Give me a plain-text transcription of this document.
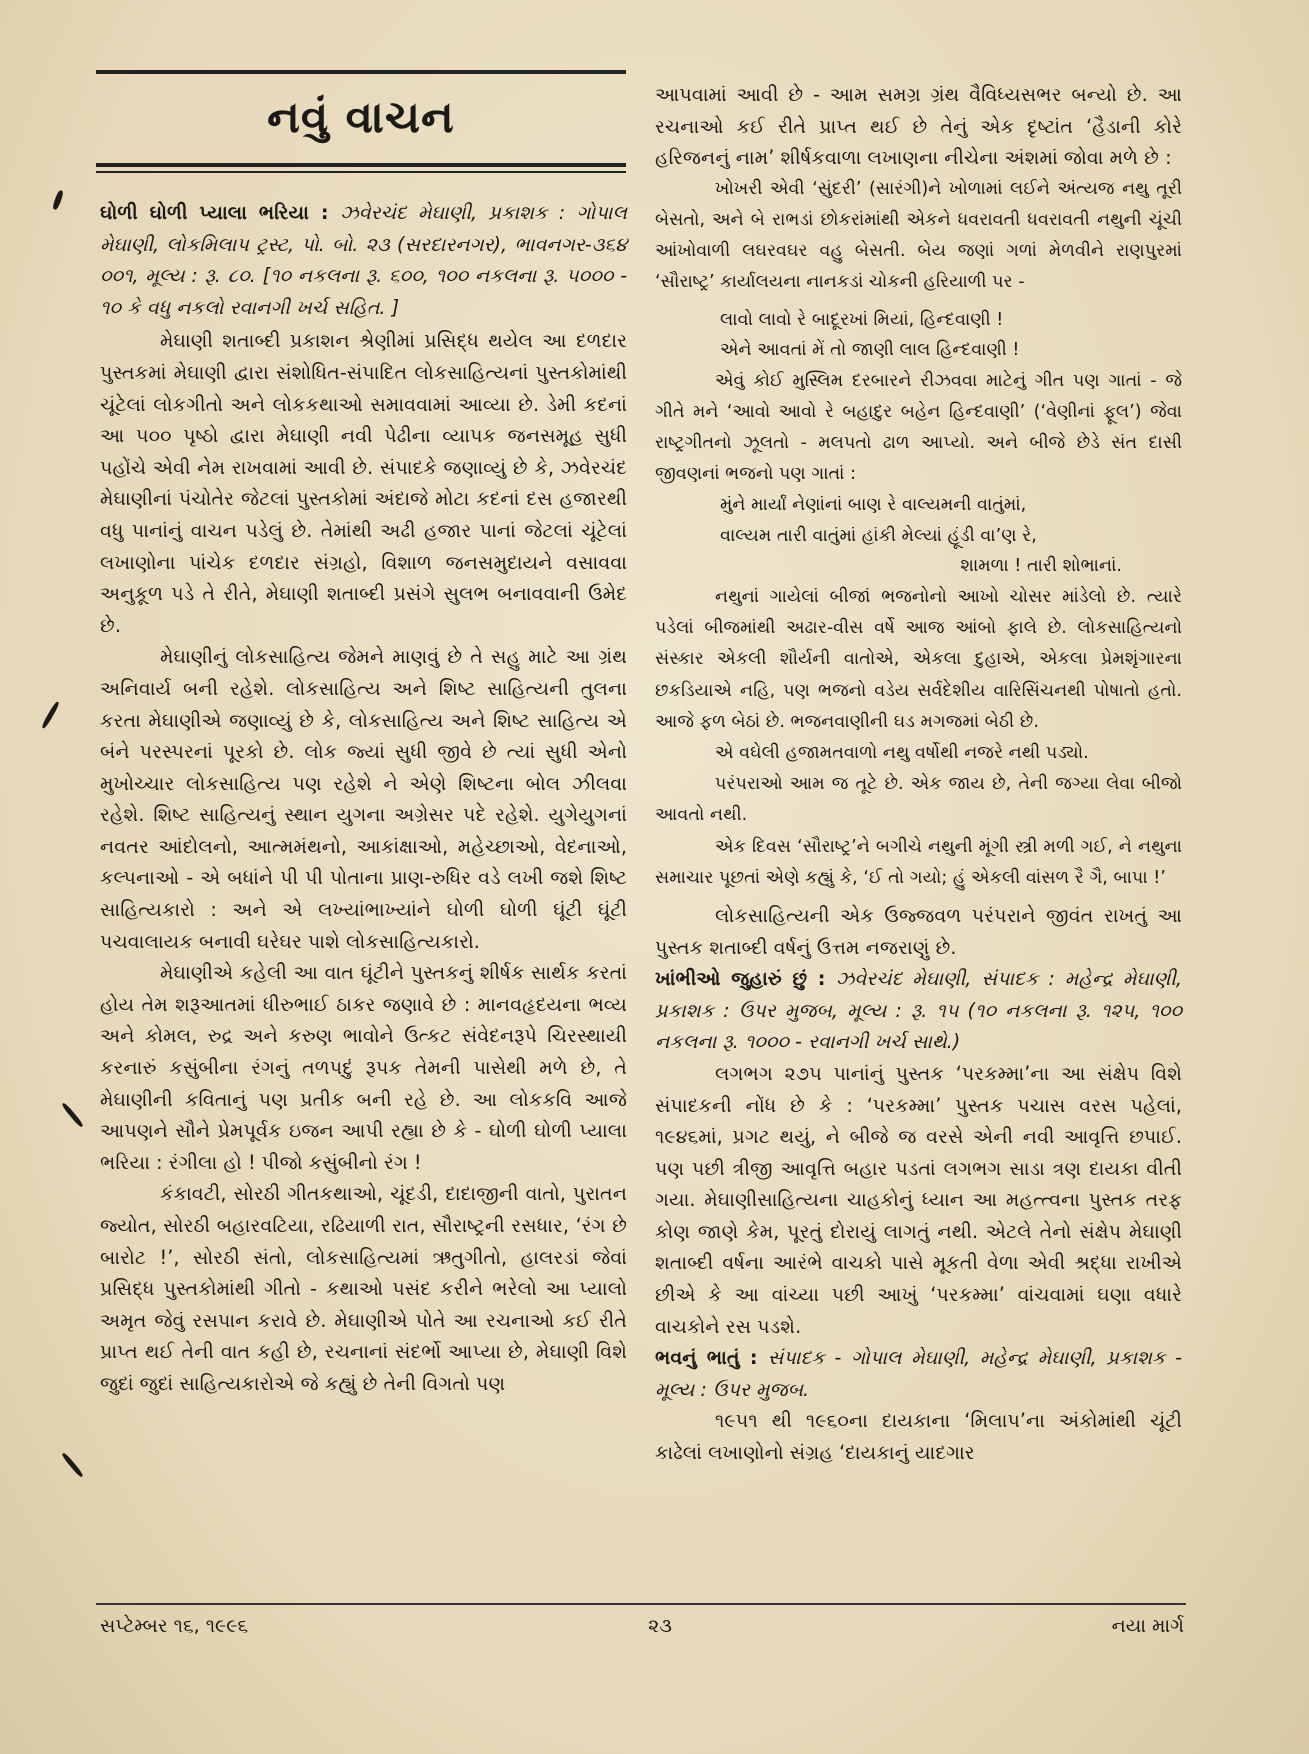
નવું વાચન

ઘોળી ઘોળી પ્યાલા ભરિયા : ઝવેરચંદ મેઘાણી, પ્રકાશક : ગોપાલ મેઘાણી, લોકમિલાપ ટ્રસ્ટ, પો. બો. ૨૩ (સરદારનગર), ભાવનગર-૩૬૪ ૦૦૧, મૂલ્ય : રૂ. ૮૦. [૧૦ નકલના રૂ. ૬૦૦, ૧૦૦ નકલના રૂ. ૫૦૦૦ - ૧૦ કે વધુ નકલો રવાનગી ખર્ચ સહિત. ]

મેઘાણી શતાબ્દી પ્રકાશન શ્રેણીમાં પ્રસિદ્ધ થયેલ આ દળદાર પુસ્તકમાં મેઘાણી દ્વારા સંશોધિત-સંપાદિત લોકસાહિત્યનાં પુસ્તકોમાંથી ચૂંટેલાં લોકગીતો અને લોકકથાઓ સમાવવામાં આવ્યા છે. ડેમી કદનાં આ ૫૦૦ પૃષ્ઠો દ્વારા મેઘાણી નવી પેઢીના વ્યાપક જનસમૂહ સુધી પહોંચે એવી નેમ રાખવામાં આવી છે. સંપાદકે જણાવ્યું છે કે, ઝવેરચંદ મેઘાણીનાં પંચોતેર જેટલાં પુસ્તકોમાં અંદાજે મોટા કદનાં દસ હજારથી વધુ પાનાંનું વાચન પડેલું છે. તેમાંથી અઢી હજાર પાનાં જેટલાં ચૂંટેલાં લખાણોના પાંચેક દળદાર સંગ્રહો, વિશાળ જનસમુદાયને વસાવવા અનુકૂળ પડે તે રીતે, મેઘાણી શતાબ્દી પ્રસંગે સુલભ બનાવવાની ઉમેદ છે.

મેઘાણીનું લોકસાહિત્ય જેમને માણવું છે તે સહુ માટે આ ગ્રંથ અનિવાર્ય બની રહેશે. લોકસાહિત્ય અને શિષ્ટ સાહિત્યની તુલના કરતા મેઘાણીએ જણાવ્યું છે કે, લોકસાહિત્ય અને શિષ્ટ સાહિત્ય એ બંને પરસ્પરનાં પૂરકો છે. લોક જ્યાં સુધી જીવે છે ત્યાં સુધી એનો મુખોચ્ચાર લોકસાહિત્ય પણ રહેશે ને એણે શિષ્ટના બોલ ઝીલવા રહેશે. શિષ્ટ સાહિત્યનું સ્થાન યુગના અગ્રેસર પદે રહેશે. યુગેયુગનાં નવતર આંદોલનો, આત્મમંથનો, આકાંક્ષાઓ, મહેચ્છાઓ, વેદનાઓ, કલ્પનાઓ - એ બધાંને પી પી પોતાના પ્રાણ-રુધિર વડે લખી જશે શિષ્ટ સાહિત્યકારો : અને એ લખ્યાંભાખ્યાંને ઘોળી ઘોળી ઘૂંટી ઘૂંટી પચવાલાયક બનાવી ઘરેઘર પાશે લોકસાહિત્યકારો.

મેઘાણીએ કહેલી આ વાત ઘૂંટીને પુસ્તકનું શીર્ષક સાર્થક કરતાં હોય તેમ શરૂઆતમાં ધીરુભાઈ ઠાકર જણાવે છે : માનવહૃદયના ભવ્ય અને કોમલ, રુદ્ર અને કરુણ ભાવોને ઉત્કટ સંવેદનરૂપે ચિરસ્થાયી કરનારું કસુંબીના રંગનું તળપદું રૂપક તેમની પાસેથી મળે છે, તે મેઘાણીની કવિતાનું પણ પ્રતીક બની રહે છે. આ લોકકવિ આજે આપણને સૌને પ્રેમપૂર્વક ઇજન આપી રહ્યા છે કે - ઘોળી ઘોળી પ્યાલા ભરિયા : રંગીલા હો ! પીજો કસુંબીનો રંગ !

કંકાવટી, સોરઠી ગીતકથાઓ, ચૂંદડી, દાદાજીની વાતો, પુરાતન જ્યોત, સોરઠી બહારવટિયા, રઢિયાળી રાત, સૌરાષ્ટ્રની રસધાર, ‘રંગ છે બારોટ !’, સોરઠી સંતો, લોકસાહિત્યમાં ઋતુગીતો, હાલરડાં જેવાં પ્રસિદ્ધ પુસ્તકોમાંથી ગીતો - કથાઓ પસંદ કરીને ભરેલો આ પ્યાલો અમૃત જેવું રસપાન કરાવે છે. મેઘાણીએ પોતે આ રચનાઓ કઈ રીતે પ્રાપ્ત થઈ તેની વાત કહી છે, રચનાનાં સંદર્ભો આપ્યા છે, મેઘાણી વિશે જુદાં જુદાં સાહિત્યકારોએ જે કહ્યું છે તેની વિગતો પણ

આપવામાં આવી છે - આમ સમગ્ર ગ્રંથ વૈવિધ્યસભર બન્યો છે. આ રચનાઓ કઈ રીતે પ્રાપ્ત થઈ છે તેનું એક દૃષ્ટાંત ‘હૈડાની કોરે હરિજનનું નામ’ શીર્ષકવાળા લખાણના નીચેના અંશમાં જોવા મળે છે :

ખોખરી એવી ‘સુંદરી’ (સારંગી)ને ખોળામાં લઈને અંત્યજ નથુ તૂરી બેસતો, અને બે રાભડાં છોકરાંમાંથી એકને ધવરાવતી ધવરાવતી નથુની ચૂંચી આંખોવાળી લઘરવઘર વહુ બેસતી. બેય જણાં ગળાં મેળવીને રાણપુરમાં ‘સૌરાષ્ટ્ર’ કાર્યાલયના નાનકડાં ચોકની હરિયાળી પર -

લાવો લાવો રે બાદૂરખાં મિયાં, હિન્દવાણી !

એને આવતાં મેં તો જાણી લાલ હિન્દવાણી !

એવું કોઈ મુસ્લિમ દરબારને રીઝવવા માટેનું ગીત પણ ગાતાં - જે ગીતે મને ‘આવો આવો રે બહાદુર બહેન હિન્દવાણી’ (‘વેણીનાં ફૂલ’) જેવા રાષ્ટ્રગીતનો ઝૂલતો - મલપતો ઢાળ આપ્યો. અને બીજે છેડે સંત દાસી જીવણનાં ભજનો પણ ગાતાં :

મુંને માર્યાં નેણાંનાં બાણ રે વાલ્યમની વાતુંમાં,

વાલ્યમ તારી વાતુંમાં હાંકી મેલ્યાં હૂંડી વા’ણ રે,

શામળા ! તારી શોભાનાં.

નથુનાં ગાયેલાં બીજાં ભજનોનો આખો ચોસર માંડેલો છે. ત્યારે પડેલાં બીજમાંથી અઢાર-વીસ વર્ષે આજ આંબો ફાલે છે. લોકસાહિત્યનો સંસ્કાર એકલી શૌર્યની વાતોએ, એકલા દુહાએ, એકલા પ્રેમશૃંગારના છકડિયાએ નહિ, પણ ભજનો વડેય સર્વદેશીય વારિસિંચનથી પોષાતો હતો. આજે ફળ બેઠાં છે. ભજનવાણીની ઘડ મગજમાં બેઠી છે.

એ વઘેલી હજામતવાળો નથુ વર્ષોથી નજરે નથી પડ્યો.

પરંપરાઓ આમ જ તૂટે છે. એક જાય છે, તેની જગ્યા લેવા બીજો આવતો નથી.

એક દિવસ ‘સૌરાષ્ટ્ર’ને બગીચે નથુની મૂંગી સ્ત્રી મળી ગઈ, ને નથુના સમાચાર પૂછતાં એણે કહ્યું કે, ‘ઈ તો ગયો; હું એકલી વાંસળ રૈ ગૈ, બાપા !’

લોકસાહિત્યની એક ઉજ્જવળ પરંપરાને જીવંત રાખતું આ પુસ્તક શતાબ્દી વર્ષનું ઉત્તમ નજરાણું છે.

ખાંભીઓ જુહારું છું : ઝવેરચંદ મેઘાણી, સંપાદક : મહેન્દ્ર મેઘાણી, પ્રકાશક : ઉપર મુજબ, મૂલ્ય : રૂ. ૧૫ (૧૦ નકલના રૂ. ૧૨૫, ૧૦૦ નકલના રૂ. ૧૦૦૦ - રવાનગી ખર્ચ સાથે.)

લગભગ ૨૭૫ પાનાંનું પુસ્તક ‘પરકમ્મા’ના આ સંક્ષેપ વિશે સંપાદકની નોંધ છે કે : ‘પરકમ્મા’ પુસ્તક પચાસ વરસ પહેલાં, ૧૯૪૬માં, પ્રગટ થયું, ને બીજે જ વરસે એની નવી આવૃત્તિ છપાઈ. પણ પછી ત્રીજી આવૃત્તિ બહાર પડતાં લગભગ સાડા ત્રણ દાયકા વીતી ગયા. મેઘાણીસાહિત્યના ચાહકોનું ધ્યાન આ મહત્ત્વના પુસ્તક તરફ કોણ જાણે કેમ, પૂરતું દોરાયું લાગતું નથી. એટલે તેનો સંક્ષેપ મેઘાણી શતાબ્દી વર્ષના આરંભે વાચકો પાસે મૂકતી વેળા એવી શ્રદ્ધા રાખીએ છીએ કે આ વાંચ્યા પછી આખું ‘પરકમ્મા’ વાંચવામાં ઘણા વધારે વાચકોને રસ પડશે.

ભવનું ભાતું : સંપાદક - ગોપાલ મેઘાણી, મહેન્દ્ર મેઘાણી, પ્રકાશક - મૂલ્ય : ઉપર મુજબ.

૧૯૫૧ થી ૧૯૬૦ના દાયકાના ‘મિલાપ’ના અંકોમાંથી ચૂંટી કાઢેલાં લખાણોનો સંગ્રહ ‘દાયકાનું યાદગાર

સપ્ટેમ્બર ૧૬, ૧૯૯૬	૨૩	નયા માર્ગ
